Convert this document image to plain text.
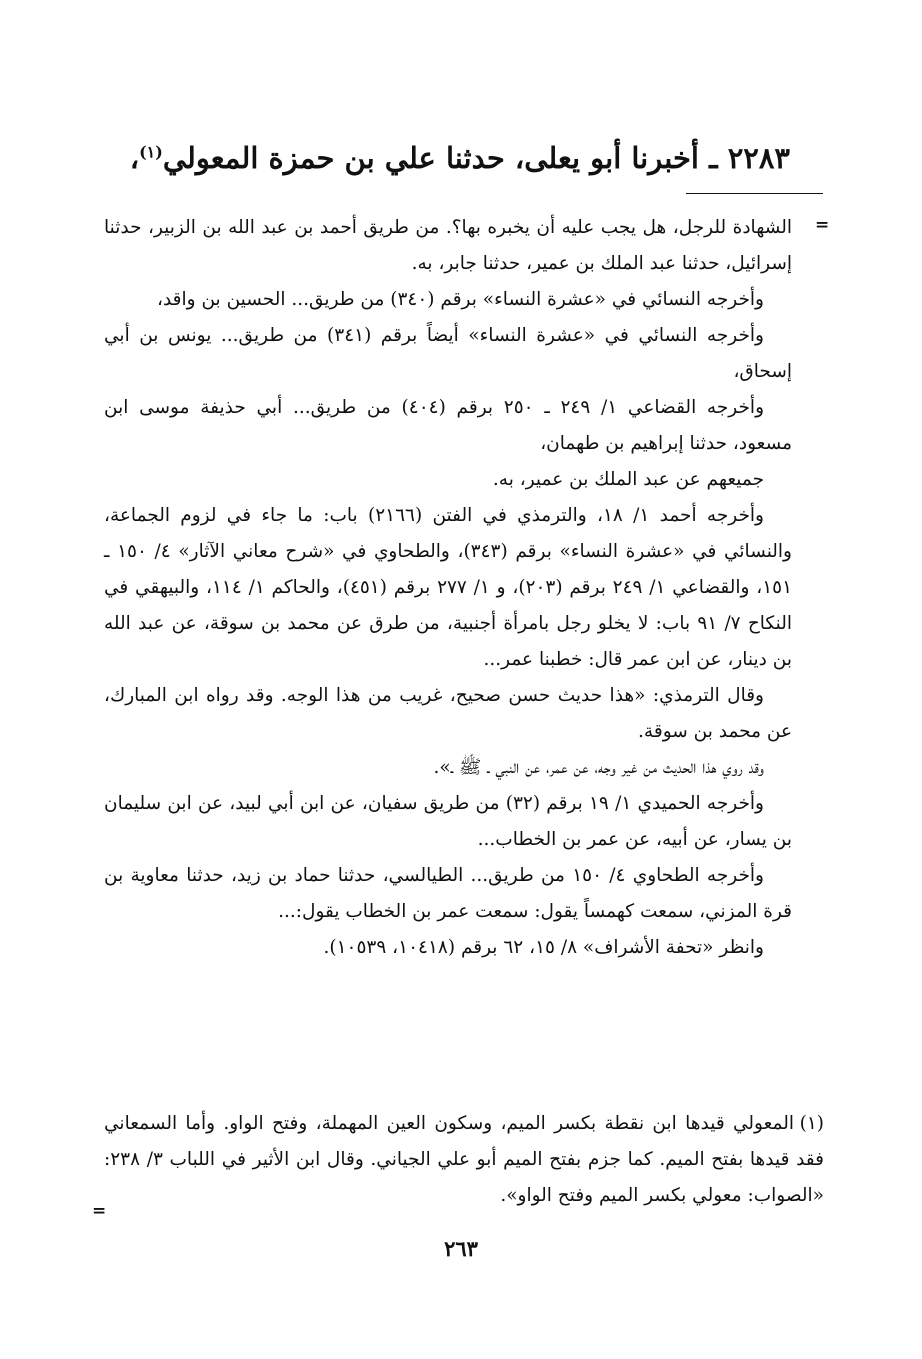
٢٢٨٣ ـ أخبرنا أبو يعلى، حدثنا علي بن حمزة المعولي$^{(١)}$،
=

الشهادة للرجل، هل يجب عليه أن يخبره بها؟. من طريق أحمد بن عبد الله بن الزبير، حدثنا إسرائيل، حدثنا عبد الملك بن عمير، حدثنا جابر، به.

وأخرجه النسائي في «عشرة النساء» برقم (٣٤٠) من طريق... الحسين بن واقد،

وأخرجه النسائي في «عشرة النساء» أيضاً برقم (٣٤١) من طريق... يونس بن أبي إسحاق،

وأخرجه القضاعي ١/ ٢٤٩ ـ ٢٥٠ برقم (٤٠٤) من طريق... أبي حذيفة موسى ابن مسعود، حدثنا إبراهيم بن طهمان،

جميعهم عن عبد الملك بن عمير، به.

وأخرجه أحمد ١/ ١٨، والترمذي في الفتن (٢١٦٦) باب: ما جاء في لزوم الجماعة، والنسائي في «عشرة النساء» برقم (٣٤٣)، والطحاوي في «شرح معاني الآثار» ٤/ ١٥٠ ـ ١٥١، والقضاعي ١/ ٢٤٩ برقم (٢٠٣)، و ١/ ٢٧٧ برقم (٤٥١)، والحاكم ١/ ١١٤، والبيهقي في النكاح ٧/ ٩١ باب: لا يخلو رجل بامرأة أجنبية، من طرق عن محمد بن سوقة، عن عبد الله بن دينار، عن ابن عمر قال: خطبنا عمر...

وقال الترمذي: «هذا حديث حسن صحيح، غريب من هذا الوجه. وقد رواه ابن المبارك، عن محمد بن سوقة.

وقد روي هذا الحديث من غير وجه، عن عمر، عن النبي ـ ﷺ ـ».

وأخرجه الحميدي ١/ ١٩ برقم (٣٢) من طريق سفيان، عن ابن أبي لبيد، عن ابن سليمان بن يسار، عن أبيه، عن عمر بن الخطاب...

وأخرجه الطحاوي ٤/ ١٥٠ من طريق... الطيالسي، حدثنا حماد بن زيد، حدثنا معاوية بن قرة المزني، سمعت كهمساً يقول: سمعت عمر بن الخطاب يقول:...

وانظر «تحفة الأشراف» ٨/ ١٥، ٦٢ برقم (١٠٤١٨، ١٠٥٣٩).

(١)المعولي قيدها ابن نقطة بكسر الميم، وسكون العين المهملة، وفتح الواو. وأما السمعاني فقد قيدها بفتح الميم. كما جزم بفتح الميم أبو علي الجياني. وقال ابن الأثير في اللباب ٣/ ٢٣٨: «الصواب: معولي بكسر الميم وفتح الواو».
=
٢٦٣
